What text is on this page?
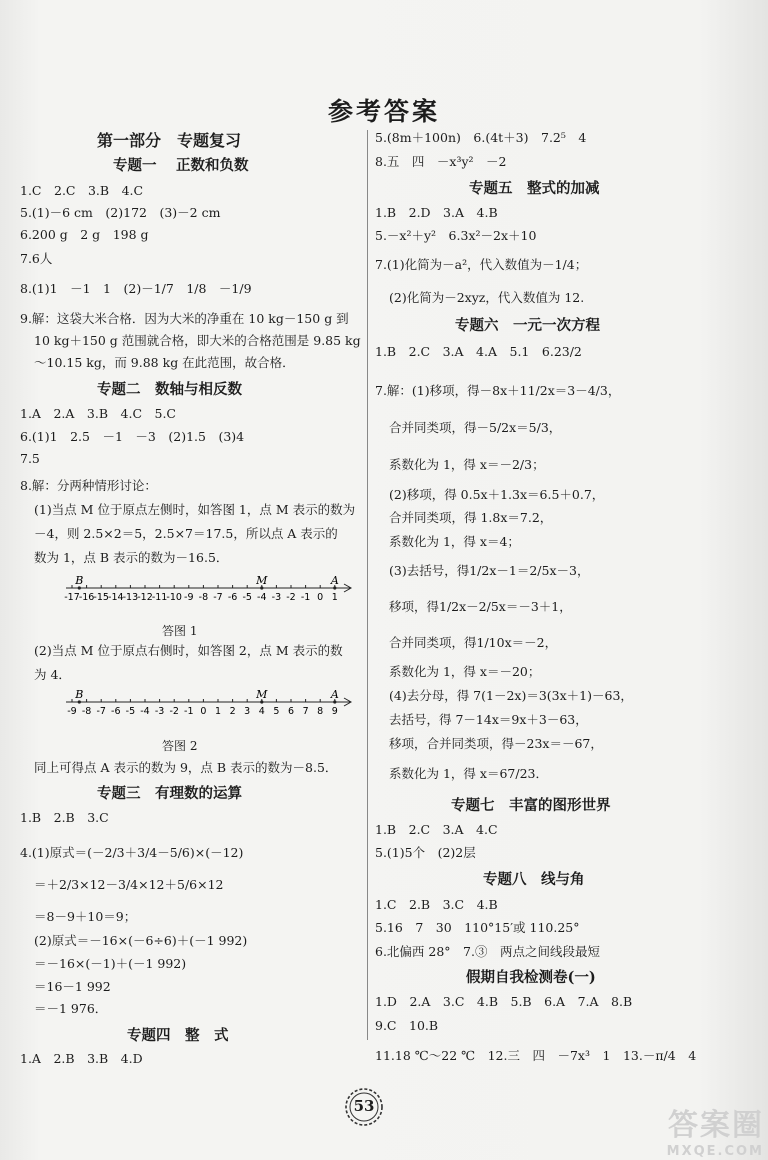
参考答案
第一部分　专题复习
专题一　 正数和负数
1.C　2.C　3.B　4.C
5.(1)－6 cm　(2)172　(3)－2 cm
6.200 g　2 g　198 g
7.6人
8.(1)1　－1　1　(2)－1/7　1/8　－1/9
9.解：这袋大米合格．因为大米的净重在 10 kg－150 g 到
10 kg＋150 g 范围就合格，即大米的合格范围是 9.85 kg
～10.15 kg，而 9.88 kg 在此范围，故合格．
专题二　数轴与相反数
1.A　2.A　3.B　4.C　5.C
6.(1)1　2.5　－1　－3　(2)1.5　(3)4
7.5
8.解：分两种情形讨论：
(1)当点 M 位于原点左侧时，如答图 1，点 M 表示的数为
－4，则 2.5×2＝5，2.5×7＝17.5，所以点 A 表示的
数为 1，点 B 表示的数为－16.5．
答图 1
(2)当点 M 位于原点右侧时，如答图 2，点 M 表示的数
为 4．
答图 2
同上可得点 A 表示的数为 9，点 B 表示的数为－8.5．
专题三　有理数的运算
1.B　2.B　3.C
4.(1)原式＝(－2/3＋3/4－5/6)×(－12)
＝＋2/3×12－3/4×12＋5/6×12
＝8－9＋10＝9；
(2)原式＝－16×(－6÷6)＋(－1 992)
＝－16×(－1)＋(－1 992)
＝16－1 992
＝－1 976．
专题四　整　式
1.A　2.B　3.B　4.D
5.(8m＋100n)　6.(4t＋3)　7.2⁵　4
8.五　四　－x³y²　－2
专题五　整式的加减
1.B　2.D　3.A　4.B
5.－x²＋y²　6.3x²－2x＋10
7.(1)化简为－a²，代入数值为－1/4；
(2)化简为－2xyz，代入数值为 12.
专题六　一元一次方程
1.B　2.C　3.A　4.A　5.1　6.23/2
7.解：(1)移项，得－8x＋11/2x＝3－4/3，
合并同类项，得－5/2x＝5/3，
系数化为 1，得 x＝－2/3；
(2)移项，得 0.5x＋1.3x＝6.5＋0.7，
合并同类项，得 1.8x＝7.2，
系数化为 1，得 x＝4；
(3)去括号，得1/2x－1＝2/5x－3，
移项，得1/2x－2/5x＝－3＋1，
合并同类项，得1/10x＝－2，
系数化为 1，得 x＝－20；
(4)去分母，得 7(1－2x)＝3(3x＋1)－63，
去括号，得 7－14x＝9x＋3－63，
移项，合并同类项，得－23x＝－67，
系数化为 1，得 x＝67/23．
专题七　丰富的图形世界
1.B　2.C　3.A　4.C
5.(1)5个　(2)2层
专题八　线与角
1.C　2.B　3.C　4.B
5.16　7　30　110°15′或 110.25°
6.北偏西 28°　7.③　两点之间线段最短
假期自我检测卷(一)
1.D　2.A　3.C　4.B　5.B　6.A　7.A　8.B
9.C　10.B
11.18 ℃～22 ℃　12.三　四　－7x³　1　13.－π/4　4
-17 -16 -15 -14 -13 -12 -11 -10 -9 -8 -7 -6 -5 -4 -3 -2 -1 0 1
B	M	A
-9 -8 -7 -6 -5 -4 -3 -2 -1 0 1 2 3 4 5 6 7 8 9
B	M	A
53
答案圈
MXQE.COM
